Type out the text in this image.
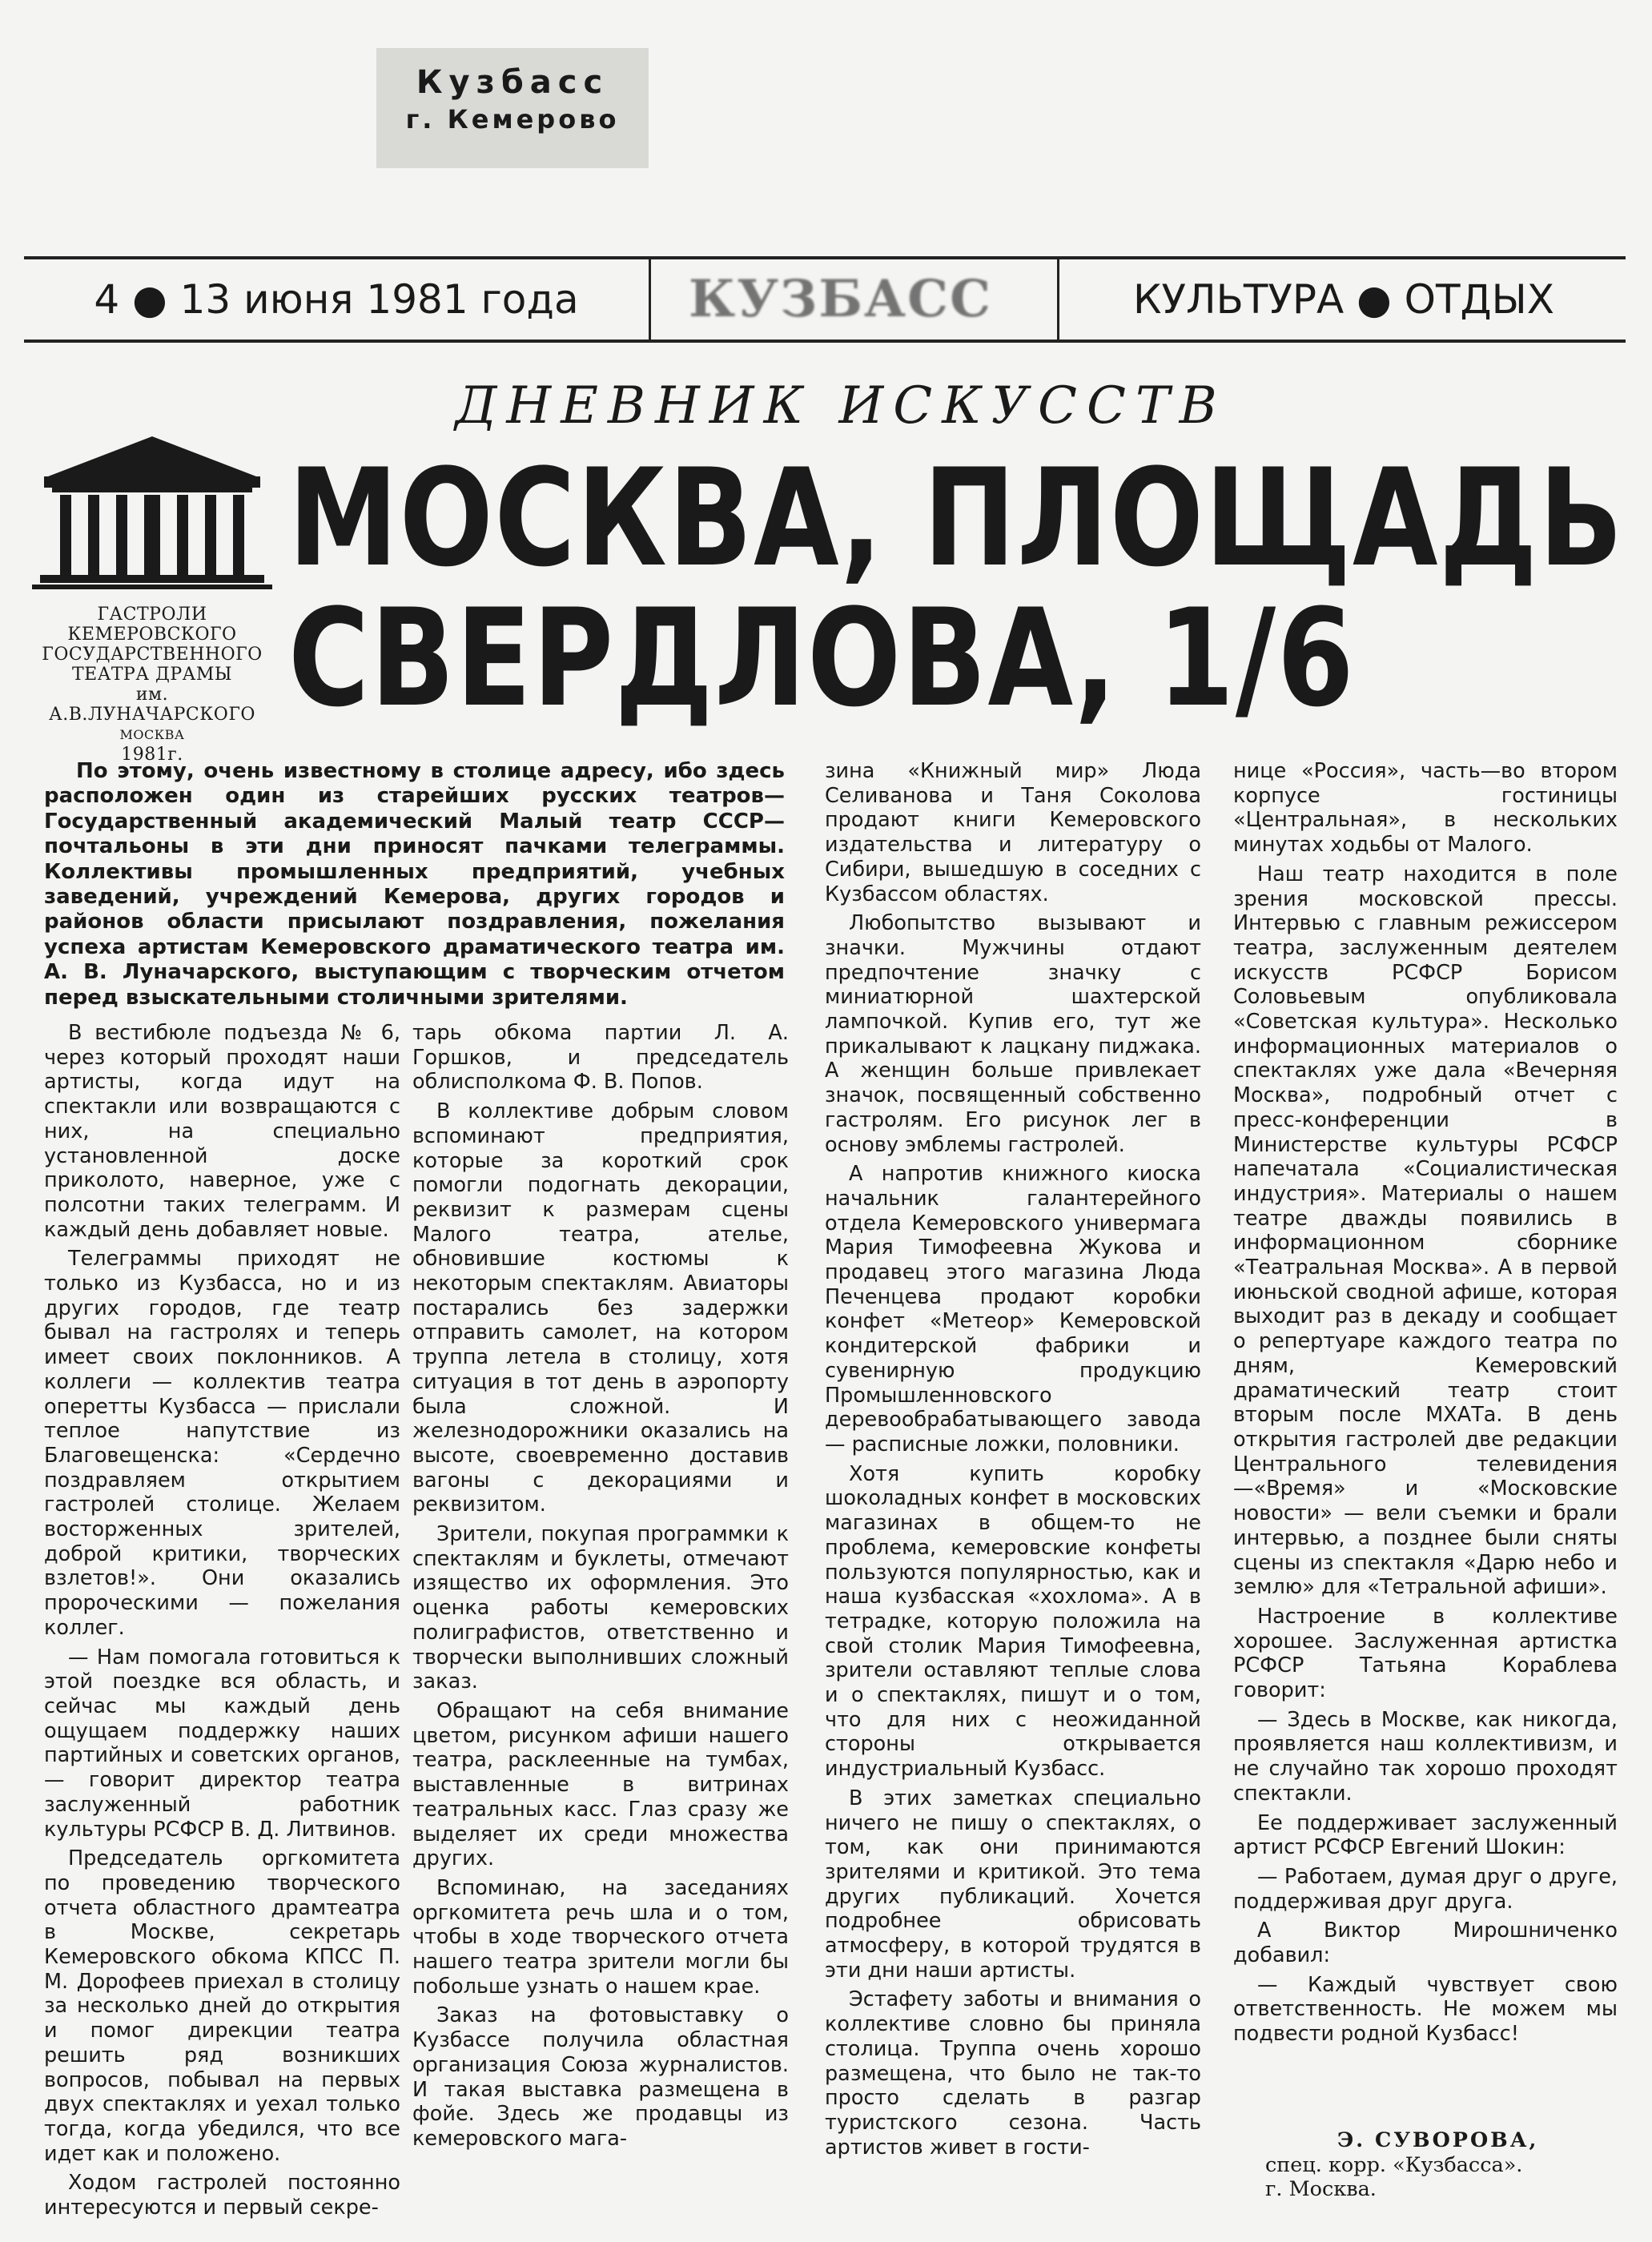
Кузбасс
г. Кемерово
4 ● 13 июня 1981 года	КУЗБАСС	КУЛЬТУРА ● ОТДЫХ
ДНЕВНИК ИСКУССТВ
ГАСТРОЛИ
КЕМЕРОВСКОГО
ГОСУДАРСТВЕННОГО
ТЕАТРА ДРАМЫ
им. А.В.ЛУНАЧАРСКОГО
МОСКВА
1981г.
МОСКВА, ПЛОЩАДЬ
СВЕРДЛОВА, 1/6
По этому, очень известному в столице адресу, ибо здесь расположен один из старейших русских театров—Государственный академический Малый театр СССР—почтальоны в эти дни приносят пачками телеграммы. Коллективы промышленных предприятий, учебных заведений, учреждений Кемерова, других городов и районов области присылают поздравления, пожелания успеха артистам Кемеровского драматического театра им. А. В. Луначарского, выступающим с творческим отчетом перед взыскательными столичными зрителями.

В вестибюле подъезда № 6, через который проходят наши артисты, когда идут на спектакли или возвращаются с них, на специально установленной доске приколото, наверное, уже с полсотни таких телеграмм. И каждый день добавляет новые.

Телеграммы приходят не только из Кузбасса, но и из других городов, где театр бывал на гастролях и теперь имеет своих поклонников. А коллеги — коллектив театра оперетты Кузбасса — прислали теплое напутствие из Благовещенска: «Сердечно поздравляем открытием гастролей столице. Желаем восторженных зрителей, доброй критики, творческих взлетов!». Они оказались пророческими — пожелания коллег.

— Нам помогала готовиться к этой поездке вся область, и сейчас мы каждый день ощущаем поддержку наших партийных и советских органов,— говорит директор театра заслуженный работник культуры РСФСР В. Д. Литвинов.

Председатель оргкомитета по проведению творческого отчета областного драмтеатра в Москве, секретарь Кемеровского обкома КПСС П. М. Дорофеев приехал в столицу за несколько дней до открытия и помог дирекции театра решить ряд возникших вопросов, побывал на первых двух спектаклях и уехал только тогда, когда убедился, что все идет как и положено.

Ходом гастролей постоянно интересуются и первый секре-

тарь обкома партии Л. А. Горшков, и председатель облисполкома Ф. В. Попов.

В коллективе добрым словом вспоминают предприятия, которые за короткий срок помогли подогнать декорации, реквизит к размерам сцены Малого театра, ателье, обновившие костюмы к некоторым спектаклям. Авиаторы постарались без задержки отправить самолет, на котором труппа летела в столицу, хотя ситуация в тот день в аэропорту была сложной. И железнодорожники оказались на высоте, своевременно доставив вагоны с декорациями и реквизитом.

Зрители, покупая программки к спектаклям и буклеты, отмечают изящество их оформления. Это оценка работы кемеровских полиграфистов, ответственно и творчески выполнивших сложный заказ.

Обращают на себя внимание цветом, рисунком афиши нашего театра, расклеенные на тумбах, выставленные в витринах театральных касс. Глаз сразу же выделяет их среди множества других.

Вспоминаю, на заседаниях оргкомитета речь шла и о том, чтобы в ходе творческого отчета нашего театра зрители могли бы побольше узнать о нашем крае.

Заказ на фотовыставку о Кузбассе получила областная организация Союза журналистов. И такая выставка размещена в фойе. Здесь же продавцы из кемеровского мага-

зина «Книжный мир» Люда Селиванова и Таня Соколова продают книги Кемеровского издательства и литературу о Сибири, вышедшую в соседних с Кузбассом областях.

Любопытство вызывают и значки. Мужчины отдают предпочтение значку с миниатюрной шахтерской лампочкой. Купив его, тут же прикалывают к лацкану пиджака. А женщин больше привлекает значок, посвященный собственно гастролям. Его рисунок лег в основу эмблемы гастролей.

А напротив книжного киоска начальник галантерейного отдела Кемеровского универмага Мария Тимофеевна Жукова и продавец этого магазина Люда Печенцева продают коробки конфет «Метеор» Кемеровской кондитерской фабрики и сувенирную продукцию Промышленновского деревообрабатывающего завода — расписные ложки, половники.

Хотя купить коробку шоколадных конфет в московских магазинах в общем-то не проблема, кемеровские конфеты пользуются популярностью, как и наша кузбасская «хохлома». А в тетрадке, которую положила на свой столик Мария Тимофеевна, зрители оставляют теплые слова и о спектаклях, пишут и о том, что для них с неожиданной стороны открывается индустриальный Кузбасс.

В этих заметках специально ничего не пишу о спектаклях, о том, как они принимаются зрителями и критикой. Это тема других публикаций. Хочется подробнее обрисовать атмосферу, в которой трудятся в эти дни наши артисты.

Эстафету заботы и внимания о коллективе словно бы приняла столица. Труппа очень хорошо размещена, что было не так-то просто сделать в разгар туристского сезона. Часть артистов живет в гости-

нице «Россия», часть—во втором корпусе гостиницы «Центральная», в нескольких минутах ходьбы от Малого.

Наш театр находится в поле зрения московской прессы. Интервью с главным режиссером театра, заслуженным деятелем искусств РСФСР Борисом Соловьевым опубликовала «Советская культура». Несколько информационных материалов о спектаклях уже дала «Вечерняя Москва», подробный отчет с пресс-конференции в Министерстве культуры РСФСР напечатала «Социалистическая индустрия». Материалы о нашем театре дважды появились в информационном сборнике «Театральная Москва». А в первой июньской сводной афише, которая выходит раз в декаду и сообщает о репертуаре каждого театра по дням, Кемеровский драматический театр стоит вторым после МХАТа. В день открытия гастролей две редакции Центрального телевидения—«Время» и «Московские новости» — вели съемки и брали интервью, а позднее были сняты сцены из спектакля «Дарю небо и землю» для «Тетральной афиши».

Настроение в коллективе хорошее. Заслуженная артистка РСФСР Татьяна Кораблева говорит:

— Здесь в Москве, как никогда, проявляется наш коллективизм, и не случайно так хорошо проходят спектакли.

Ее поддерживает заслуженный артист РСФСР Евгений Шокин:

— Работаем, думая друг о друге, поддерживая друг друга.

А Виктор Мирошниченко добавил:

— Каждый чувствует свою ответственность. Не можем мы подвести родной Кузбасс!

Э. СУВОРОВА,
спец. корр. «Кузбасса».
г. Москва.
